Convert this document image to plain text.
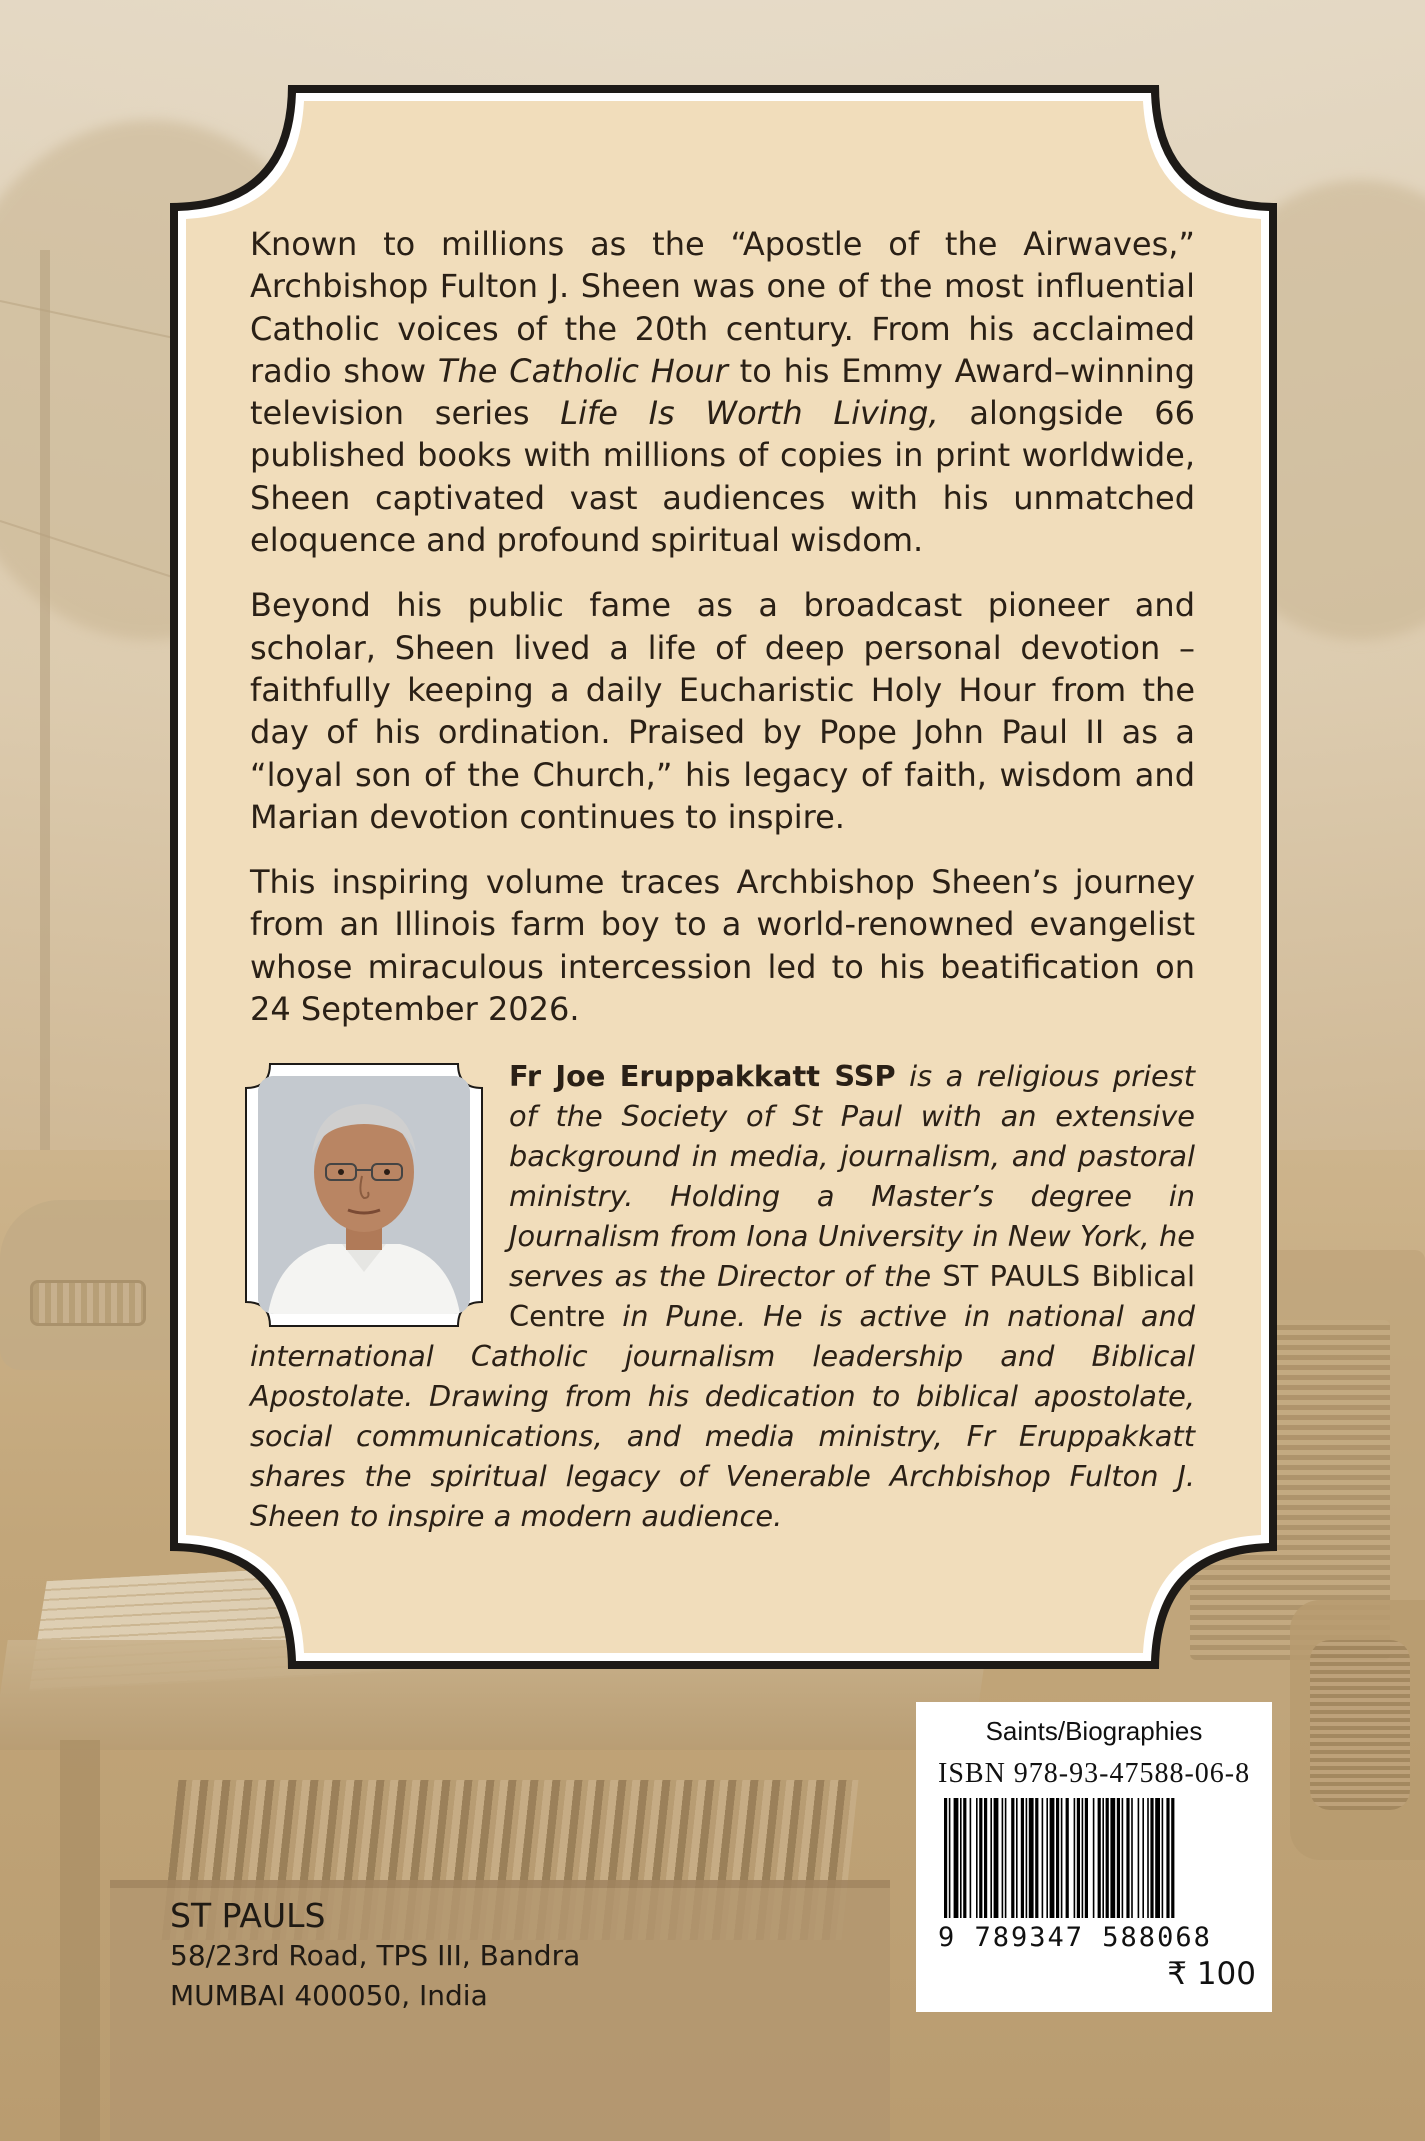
Known to millions as the “Apostle of the Airwaves,” Archbishop Fulton J. Sheen was one of the most influential Catholic voices of the 20th century. From his acclaimed radio show The Catholic Hour to his Emmy Award–winning television series Life Is Worth Living, alongside 66 published books with millions of copies in print worldwide, Sheen captivated vast audiences with his unmatched eloquence and profound spiritual wisdom.

Beyond his public fame as a broadcast pioneer and scholar, Sheen lived a life of deep personal devotion – faithfully keeping a daily Eucharistic Holy Hour from the day of his ordination. Praised by Pope John Paul II as a “loyal son of the Church,” his legacy of faith, wisdom and Marian devotion continues to inspire.

This inspiring volume traces Archbishop Sheen’s journey from an Illinois farm boy to a world-renowned evangelist whose miraculous intercession led to his beatification on 24 September 2026.

Fr Joe Eruppakkatt SSP is a religious priest of the Society of St Paul with an extensive background in media, journalism, and pastoral ministry. Holding a Master’s degree in Journalism from Iona University in New York, he serves as the Director of the ST PAULS Biblical Centre in Pune. He is active in national and international Catholic journalism leadership and Biblical Apostolate. Drawing from his dedication to biblical apostolate, social communications, and media ministry, Fr Eruppakkatt shares the spiritual legacy of Venerable Archbishop Fulton J. Sheen to inspire a modern audience.
ST PAULS
58/23rd Road, TPS III, Bandra
MUMBAI 400050, India
Saints/Biographies
ISBN 978-93-47588-06-8
9 789347 588068
₹ 100
